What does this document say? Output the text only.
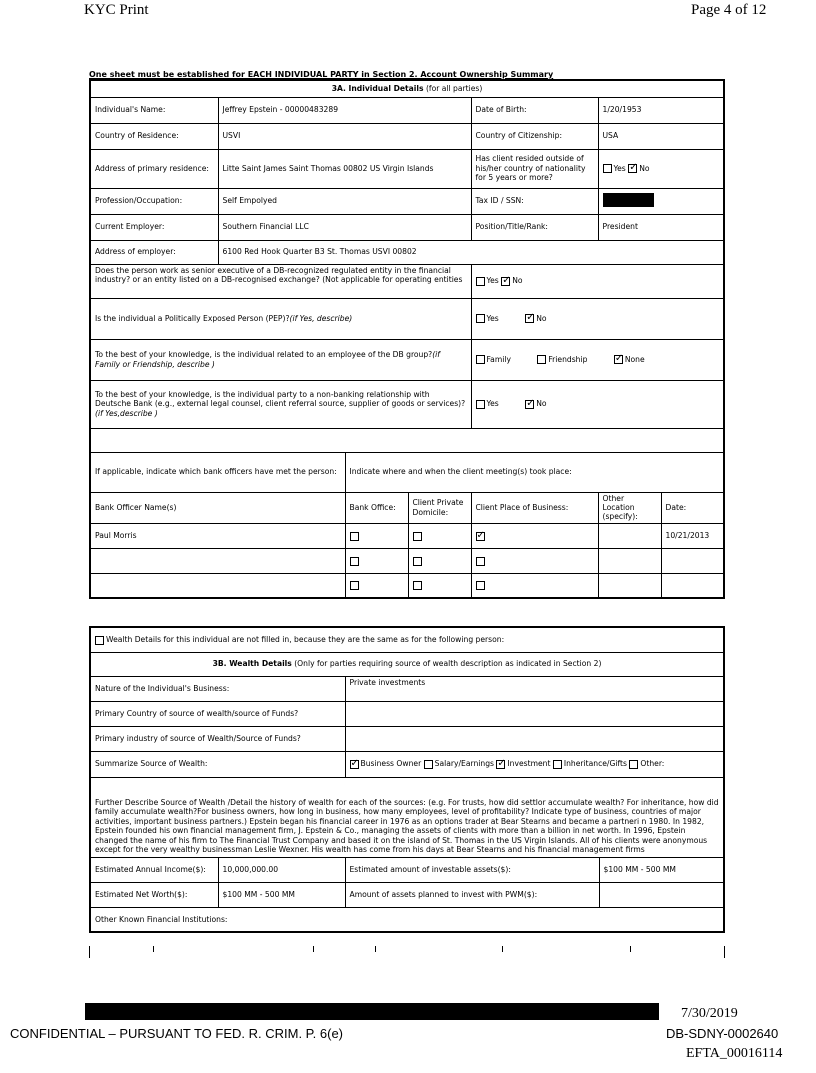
KYC Print	Page 4 of 12
One sheet must be established for EACH INDIVIDUAL PARTY in Section 2. Account Ownership Summary
3A. Individual Details (for all parties)						
Individual's Name:	Jeffrey Epstein - 00000483289			Date of Birth:	1/20/1953	
Country of Residence:	USVI			Country of Citizenship:	USA	
Address of primary residence:	Litte Saint James Saint Thomas 00802 US Virgin Islands			Has client resided outside of his/her country of nationality for 5 years or more?	Yes ✓ No
Profession/Occupation:	Self Empolyed			Tax ID / SSN:		
Current Employer:	Southern Financial LLC			Position/Title/Rank:	President	
Address of employer:	6100 Red Hook Quarter B3 St. Thomas USVI 00802					
Does the person work as senior executive of a DB-recognized regulated entity in the financial industry? or an entity listed on a DB-recognised exchange? (Not applicable for operating entities				Yes ✓ No
Is the individual a Politically Exposed Person (PEP)?(if Yes, describe)				Yes ✓ No
To the best of your knowledge, is the individual related to an employee of the DB group?(if Family or Friendship, describe )				Family Friendship ✓ None
To the best of your knowledge, is the individual party to a non-banking relationship with Deutsche Bank (e.g., external legal counsel, client referral source, supplier of goods or services)?(if Yes,describe )				Yes ✓ No

If applicable, indicate which bank officers have met the person:		Indicate where and when the client meeting(s) took place:				
Bank Officer Name(s)		Bank Office:	Client Private Domicile:	Client Place of Business:	Other Location (specify):	Date:
Paul Morris			✓			10/21/2013

Wealth Details for this individual are not filled in, because they are the same as for the following person:			
3B. Wealth Details (Only for parties requiring source of wealth description as indicated in Section 2)			
Nature of the Individual's Business:		Private investments	
Primary Country of source of wealth/source of Funds?			
Primary industry of source of Wealth/Source of Funds?			
Summarize Source of Wealth:	✓Business Owner Salary/Earnings ✓ Investment Inheritance/Gifts Other:
Further Describe Source of Wealth /Detail the history of wealth for each of the sources: (e.g. For trusts, how did settlor accumulate wealth? For inheritance, how did family accumulate wealth?For business owners, how long in business, how many employees, level of profitability? Indicate type of business, countries of major activities, important business partners.) Epstein began his financial career in 1976 as an options trader at Bear Stearns and became a partneri n 1980. In 1982, Epstein founded his own financial management firm, J. Epstein & Co., managing the assets of clients with more than a billion in net worth. In 1996, Epstein changed the name of his firm to The Financial Trust Company and based it on the island of St. Thomas in the US Virgin Islands. All of his clients were anonymous except for the very wealthy businessman Leslie Wexner. His wealth has come from his days at Bear Stearns and his financial management firms			
Estimated Annual Income($):	10,000,000.00	Estimated amount of investable assets($):	$100 MM - 500 MM
Estimated Net Worth($):	$100 MM - 500 MM	Amount of assets planned to invest with PWM($):	
Other Known Financial Institutions:			
7/30/2019
CONFIDENTIAL – PURSUANT TO FED. R. CRIM. P. 6(e)	DB-SDNY-0002640
EFTA_00016114
